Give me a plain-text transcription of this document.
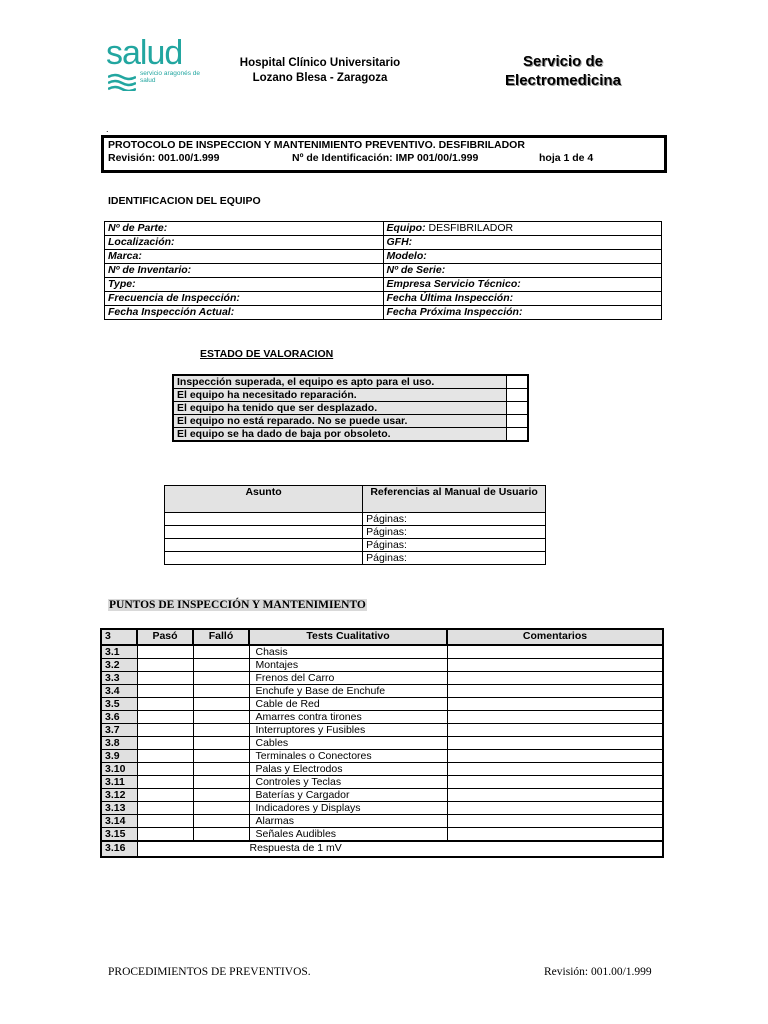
salud
servicio aragonés de salud
Hospital Clínico Universitario
Lozano Blesa - Zaragoza
Servicio de
Electromedicina
.
PROTOCOLO DE INSPECCION Y MANTENIMIENTO PREVENTIVO. DESFIBRILADOR
Revisión: 001.00/1.999	Nº de Identificación: IMP 001/00/1.999	hoja 1 de 4
IDENTIFICACION DEL EQUIPO
Nº de Parte:	Equipo: DESFIBRILADOR
Localización:	GFH:
Marca:	Modelo:
Nº de Inventario:	Nº de Serie:
Type:	Empresa Servicio Técnico:
Frecuencia de Inspección:	Fecha Última Inspección:
Fecha Inspección Actual:	Fecha Próxima Inspección:
ESTADO DE VALORACION
Inspección superada, el equipo es apto para el uso.	
El equipo ha necesitado reparación.	
El equipo ha tenido que ser desplazado.	
El equipo no está reparado. No se puede usar.	
El equipo se ha dado de baja por obsoleto.	
Asunto	Referencias al Manual de Usuario
	Páginas:
	Páginas:
	Páginas:
	Páginas:
PUNTOS DE INSPECCIÓN Y MANTENIMIENTO
3	Pasó	Falló	Tests Cualitativo	Comentarios
3.1			Chasis	
3.2			Montajes	
3.3			Frenos del Carro	
3.4			Enchufe y Base de Enchufe	
3.5			Cable de Red	
3.6			Amarres contra tirones	
3.7			Interruptores y Fusibles	
3.8			Cables	
3.9			Terminales o Conectores	
3.10			Palas y Electrodos	
3.11			Controles y Teclas	
3.12			Baterías y Cargador	
3.13			Indicadores y Displays	
3.14			Alarmas	
3.15			Señales Audibles	
3.16	Respuesta de 1 mV			
PROCEDIMIENTOS DE PREVENTIVOS.	Revisión: 001.00/1.999
